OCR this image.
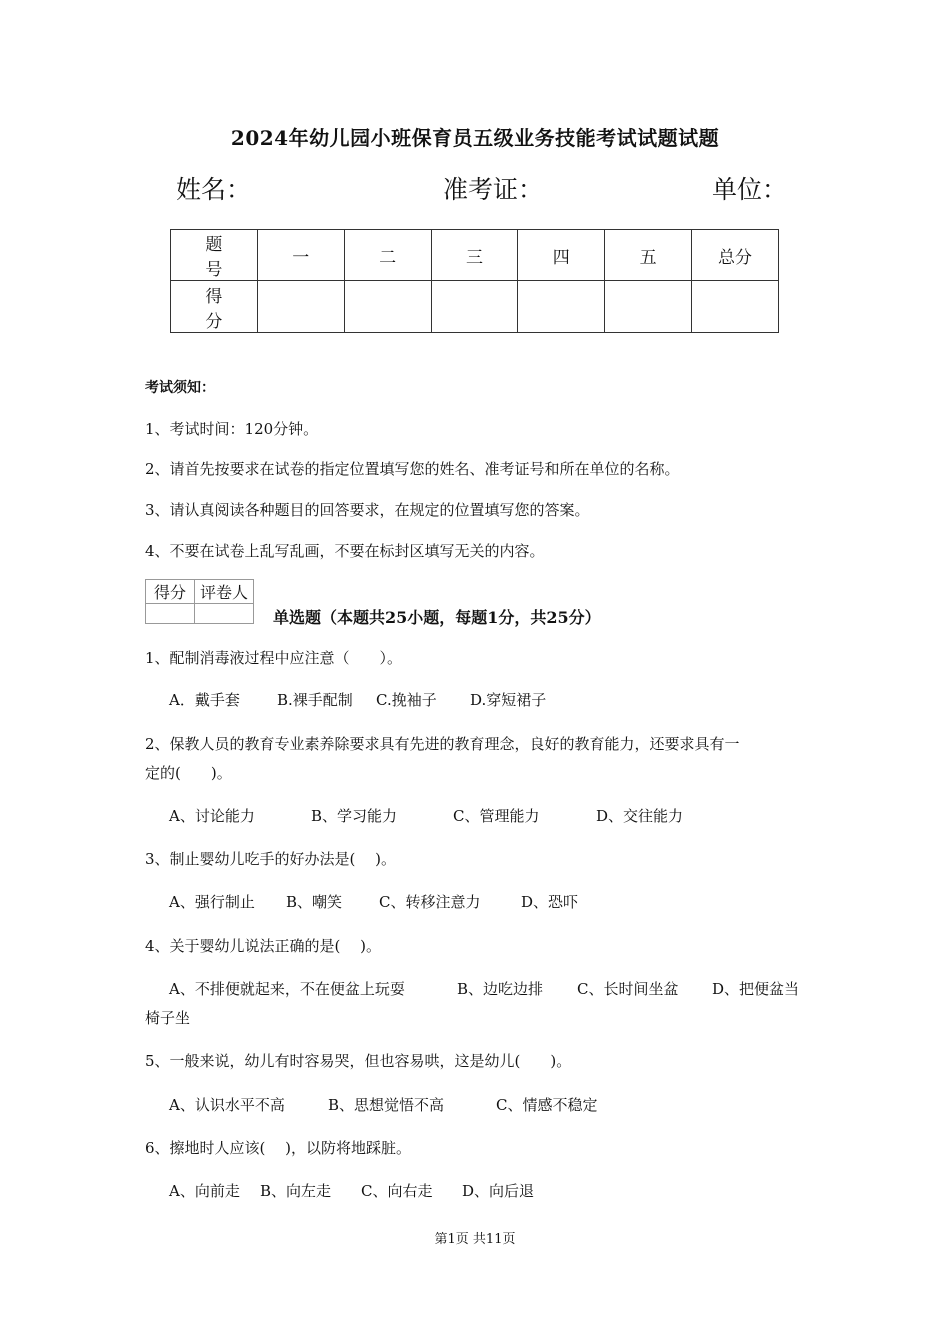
2024年幼儿园小班保育员五级业务技能考试试题试题
姓名：	准考证：	单位：
题 号	一	二	三	四	五	总分
得 分						
考试须知：
1、考试时间：120分钟。
2、请首先按要求在试卷的指定位置填写您的姓名、准考证号和所在单位的名称。
3、请认真阅读各种题目的回答要求，在规定的位置填写您的答案。
4、不要在试卷上乱写乱画，不要在标封区填写无关的内容。
得分	评卷人

单选题（本题共25小题，每题1分，共25分）
1、配制消毒液过程中应注意（　　）。
A．戴手套 B.裸手配制 C.挽袖子 D.穿短裙子
2、保教人员的教育专业素养除要求具有先进的教育理念，良好的教育能力，还要求具有一
定的(　　)。
A、讨论能力	B、学习能力	C、管理能力	D、交往能力
3、制止婴幼儿吃手的好办法是(　 )。
A、强行制止 B、嘲笑 C、转移注意力	D、恐吓
4、关于婴幼儿说法正确的是(　 )。
A、不排便就起来，不在便盆上玩耍	B、边吃边排 C、长时间坐盆 D、把便盆当
椅子坐
5、一般来说，幼儿有时容易哭，但也容易哄，这是幼儿(　　)。
A、认识水平不高	B、思想觉悟不高	C、情感不稳定
6、擦地时人应该(　 )，以防将地踩脏。
A、向前走 B、向左走 C、向右走 D、向后退
第1页 共11页
